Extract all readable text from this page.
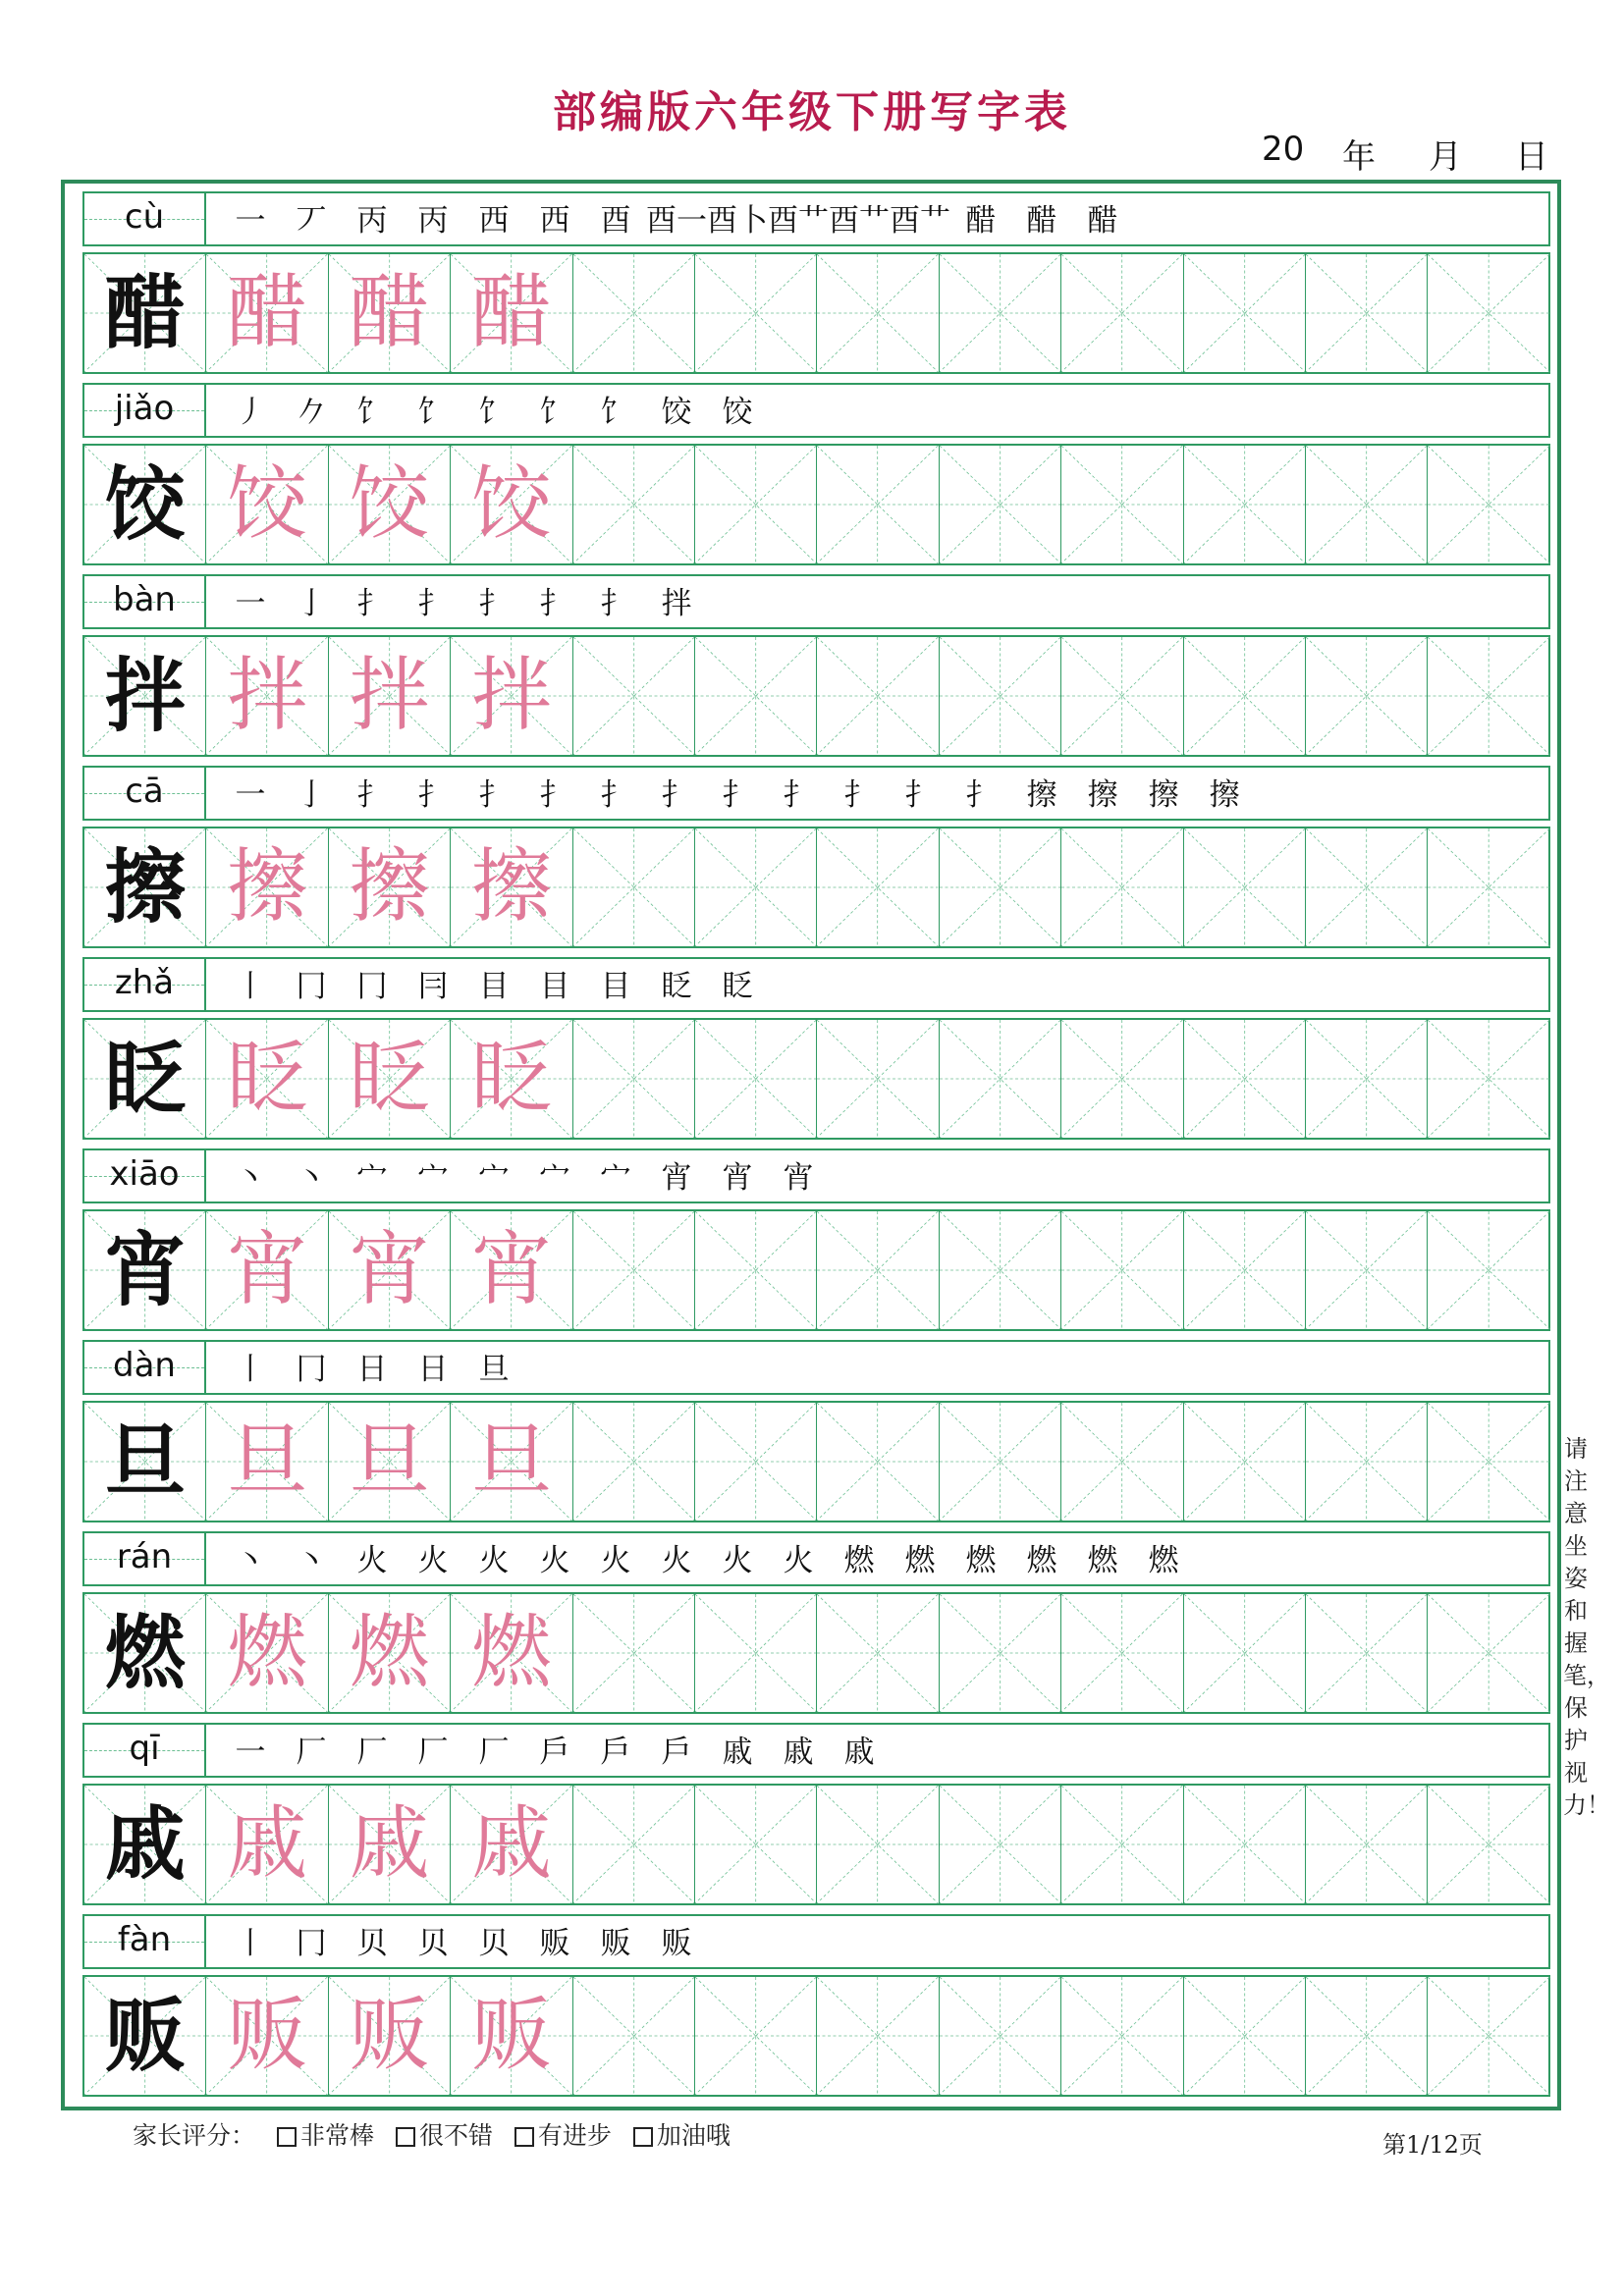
部编版六年级下册写字表
20 年 月 日
cù	一 丆 丙 丙 西 西 酉 酉一酉卜酉艹酉艹酉艹 醋 醋 醋
醋 醋 醋 醋
jiǎo	丿 𠂊 饣 饣 饣 饣 饣 饺 饺
饺 饺 饺 饺
bàn	一 亅 扌 扌 扌 扌 扌 拌
拌 拌 拌 拌
cā	一 亅 扌 扌 扌 扌 扌 扌 扌 扌 扌 扌 扌 擦 擦 擦 擦
擦 擦 擦 擦
zhǎ	丨 冂 冂 冃 目 目 目 眨 眨
眨 眨 眨 眨
xiāo	丶 丶 宀 宀 宀 宀 宀 宵 宵 宵
宵 宵 宵 宵
dàn	丨 冂 日 日 旦
旦 旦 旦 旦
rán	丶 丶 火 火 火 火 火 火 火 火 燃 燃 燃 燃 燃 燃
燃 燃 燃 燃
qī	一 厂 厂 厂 厂 戶 戶 戶 戚 戚 戚
戚 戚 戚 戚
fàn	丨 冂 贝 贝 贝 贩 贩 贩
贩 贩 贩 贩
请注意坐姿和握笔，保护视力！
家长评分： 非常棒 很不错 有进步 加油哦	第1/12页
